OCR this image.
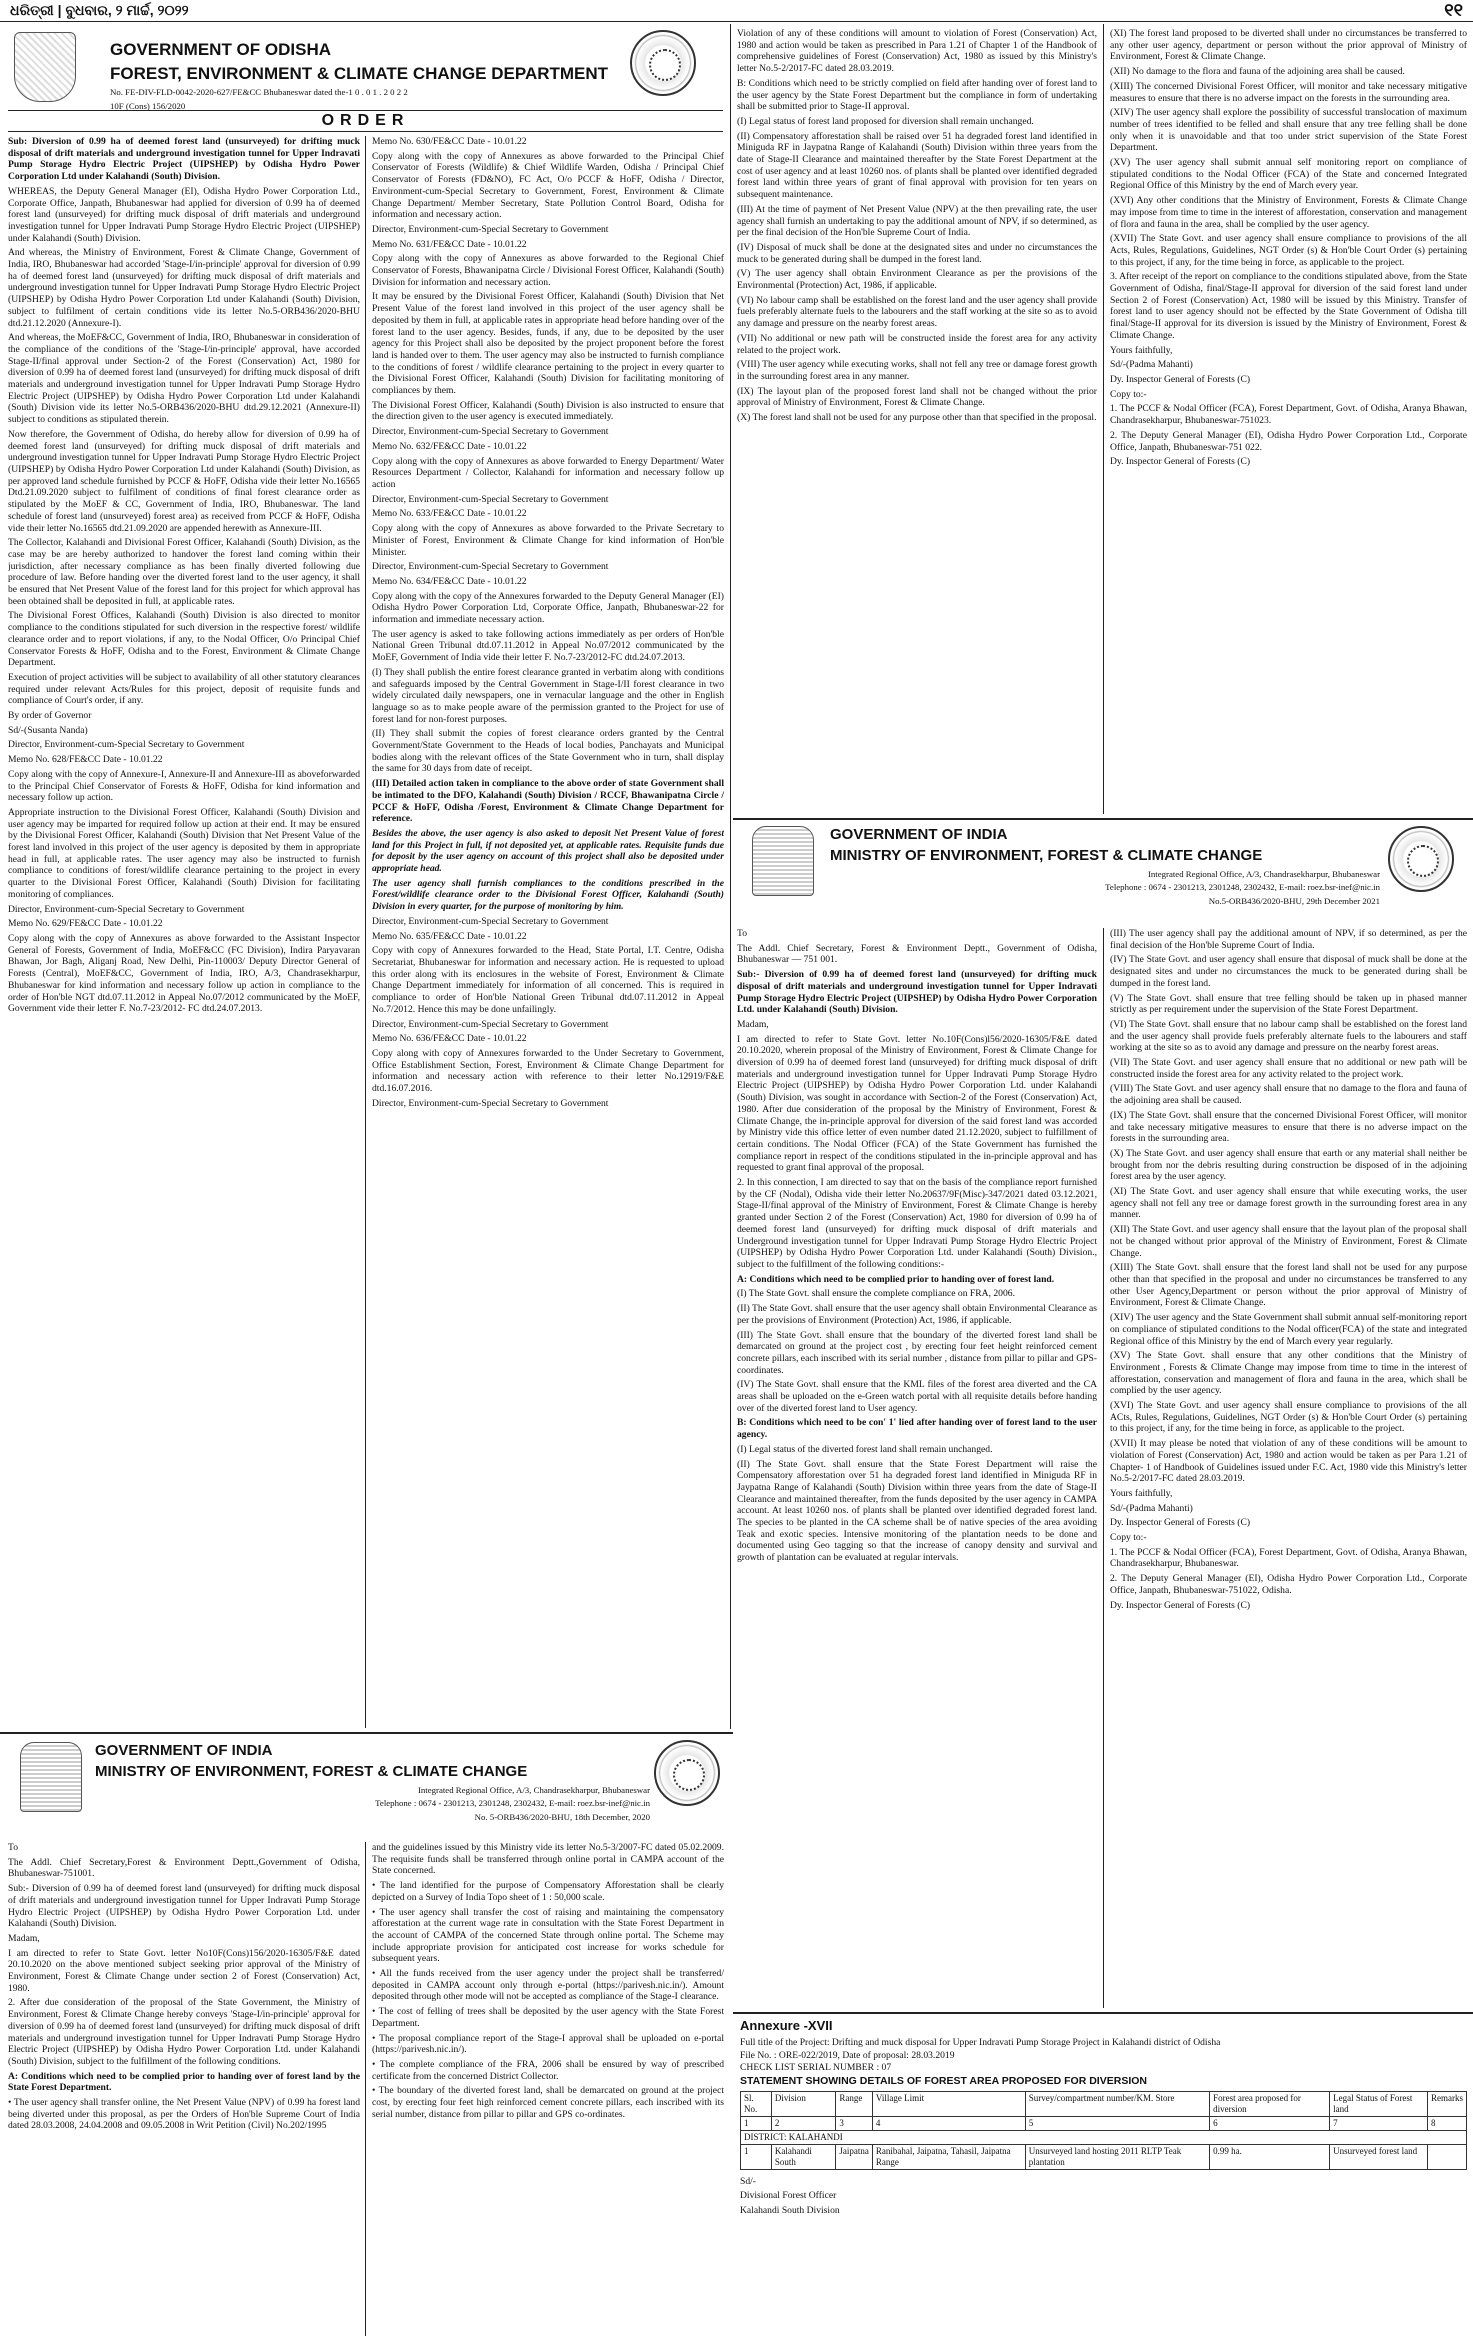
ଧରିତ୍ରୀ | ବୁଧବାର, ୨ ମାର୍ଚ୍ଚ, ୨୦୨୨	୧୧

GOVERNMENT OF ODISHA

FOREST, ENVIRONMENT & CLIMATE CHANGE DEPARTMENT

No. FE-DIV-FLD-0042-2020-627/FE&CC Bhubaneswar dated the-1 0 . 0 1 . 2 0 2 2

10F (Cons) 156/2020

ORDER

Sub: Diversion of 0.99 ha of deemed forest land (unsurveyed) for drifting muck disposal of drift materials and underground investigation tunnel for Upper Indravati Pump Storage Hydro Electric Project (UIPSHEP) by Odisha Hydro Power Corporation Ltd under Kalahandi (South) Division.

WHEREAS, the Deputy General Manager (EI), Odisha Hydro Power Corporation Ltd., Corporate Office, Janpath, Bhubaneswar had applied for diversion of 0.99 ha of deemed forest land (unsurveyed) for drifting muck disposal of drift materials and underground investigation tunnel for Upper Indravati Pump Storage Hydro Electric Project (UIPSHEP) under Kalahandi (South) Division.

And whereas, the Ministry of Environment, Forest & Climate Change, Government of India, IRO, Bhubaneswar had accorded 'Stage-I/in-principle' approval for diversion of 0.99 ha of deemed forest land (unsurveyed) for drifting muck disposal of drift materials and underground investigation tunnel for Upper Indravati Pump Storage Hydro Electric Project (UIPSHEP) by Odisha Hydro Power Corporation Ltd under Kalahandi (South) Division, subject to fulfilment of certain conditions vide its letter No.5-ORB436/2020-BHU dtd.21.12.2020 (Annexure-I).

And whereas, the MoEF&CC, Government of India, IRO, Bhubaneswar in consideration of the compliance of the conditions of the 'Stage-I/in-principle' approval, have accorded Stage-II/final approval under Section-2 of the Forest (Conservation) Act, 1980 for diversion of 0.99 ha of deemed forest land (unsurveyed) for drifting muck disposal of drift materials and underground investigation tunnel for Upper Indravati Pump Storage Hydro Electric Project (UIPSHEP) by Odisha Hydro Power Corporation Ltd under Kalahandi (South) Division vide its letter No.5-ORB436/2020-BHU dtd.29.12.2021 (Annexure-II) subject to conditions as stipulated therein.

Now therefore, the Government of Odisha, do hereby allow for diversion of 0.99 ha of deemed forest land (unsurveyed) for drifting muck disposal of drift materials and underground investigation tunnel for Upper Indravati Pump Storage Hydro Electric Project (UIPSHEP) by Odisha Hydro Power Corporation Ltd under Kalahandi (South) Division, as per approved land schedule furnished by PCCF & HoFF, Odisha vide their letter No.16565 Dtd.21.09.2020 subject to fulfilment of conditions of final forest clearance order as stipulated by the MoEF & CC, Government of India, IRO, Bhubaneswar. The land schedule of forest land (unsurveyed) forest area) as received from PCCF & HoFF, Odisha vide their letter No.16565 dtd.21.09.2020 are appended herewith as Annexure-III.

The Collector, Kalahandi and Divisional Forest Officer, Kalahandi (South) Division, as the case may be are hereby authorized to handover the forest land coming within their jurisdiction, after necessary compliance as has been finally diverted following due procedure of law. Before handing over the diverted forest land to the user agency, it shall be ensured that Net Present Value of the forest land for this project for which approval has been obtained shall be deposited in full, at applicable rates.

The Divisional Forest Offices, Kalahandi (South) Division is also directed to monitor compliance to the conditions stipulated for such diversion in the respective forest/ wildlife clearance order and to report violations, if any, to the Nodal Officer, O/o Principal Chief Conservator Forests & HoFF, Odisha and to the Forest, Environment & Climate Change Department.

Execution of project activities will be subject to availability of all other statutory clearances required under relevant Acts/Rules for this project, deposit of requisite funds and compliance of Court's order, if any.

By order of Governor

Sd/-(Susanta Nanda)

Director, Environment-cum-Special Secretary to Government

Memo No. 628/FE&CC Date - 10.01.22

Copy along with the copy of Annexure-I, Annexure-II and Annexure-III as aboveforwarded to the Principal Chief Conservator of Forests & HoFF, Odisha for kind information and necessary follow up action.

Appropriate instruction to the Divisional Forest Officer, Kalahandi (South) Division and user agency may be imparted for required follow up action at their end. It may be ensured by the Divisional Forest Officer, Kalahandi (South) Division that Net Present Value of the forest land involved in this project of the user agency is deposited by them in appropriate head in full, at applicable rates. The user agency may also be instructed to furnish compliance to conditions of forest/wildlife clearance pertaining to the project in every quarter to the Divisional Forest Officer, Kalahandi (South) Division for facilitating monitoring of compliances.

Director, Environment-cum-Special Secretary to Government

Memo No. 629/FE&CC Date - 10.01.22

Copy along with the copy of Annexures as above forwarded to the Assistant Inspector General of Forests, Government of India, MoEF&CC (FC Division), Indira Paryavaran Bhawan, Jor Bagh, Aliganj Road, New Delhi, Pin-110003/ Deputy Director General of Forests (Central), MoEF&CC, Government of India, IRO, A/3, Chandrasekharpur, Bhubaneswar for kind information and necessary follow up action in compliance to the order of Hon'ble NGT dtd.07.11.2012 in Appeal No.07/2012 communicated by the MoEF, Government vide their letter F. No.7-23/2012- FC dtd.24.07.2013.

Memo No. 630/FE&CC Date - 10.01.22

Copy along with the copy of Annexures as above forwarded to the Principal Chief Conservator of Forests (Wildlife) & Chief Wildlife Warden, Odisha / Principal Chief Conservator of Forests (FD&NO), FC Act, O/o PCCF & HoFF, Odisha / Director, Environment-cum-Special Secretary to Government, Forest, Environment & Climate Change Department/ Member Secretary, State Pollution Control Board, Odisha for information and necessary action.

Director, Environment-cum-Special Secretary to Government

Memo No. 631/FE&CC Date - 10.01.22

Copy along with the copy of Annexures as above forwarded to the Regional Chief Conservator of Forests, Bhawanipatna Circle / Divisional Forest Officer, Kalahandi (South) Division for information and necessary action.

It may be ensured by the Divisional Forest Officer, Kalahandi (South) Division that Net Present Value of the forest land involved in this project of the user agency shall be deposited by them in full, at applicable rates in appropriate head before handing over of the forest land to the user agency. Besides, funds, if any, due to be deposited by the user agency for this Project shall also be deposited by the project proponent before the forest land is handed over to them. The user agency may also be instructed to furnish compliance to the conditions of forest / wildlife clearance pertaining to the project in every quarter to the Divisional Forest Officer, Kalahandi (South) Division for facilitating monitoring of compliances by them.

The Divisional Forest Officer, Kalahandi (South) Division is also instructed to ensure that the direction given to the user agency is executed immediately.

Director, Environment-cum-Special Secretary to Government

Memo No. 632/FE&CC Date - 10.01.22

Copy along with the copy of Annexures as above forwarded to Energy Department/ Water Resources Department / Collector, Kalahandi for information and necessary follow up action

Director, Environment-cum-Special Secretary to Government

Memo No. 633/FE&CC Date - 10.01.22

Copy along with the copy of Annexures as above forwarded to the Private Secretary to Minister of Forest, Environment & Climate Change for kind information of Hon'ble Minister.

Director, Environment-cum-Special Secretary to Government

Memo No. 634/FE&CC Date - 10.01.22

Copy along with the copy of the Annexures forwarded to the Deputy General Manager (EI) Odisha Hydro Power Corporation Ltd, Corporate Office, Janpath, Bhubaneswar-22 for information and immediate necessary action.

The user agency is asked to take following actions immediately as per orders of Hon'ble National Green Tribunal dtd.07.11.2012 in Appeal No.07/2012 communicated by the MoEF, Government of India vide their letter F. No.7-23/2012-FC dtd.24.07.2013.

(I) They shall publish the entire forest clearance granted in verbatim along with conditions and safeguards imposed by the Central Government in Stage-I/II forest clearance in two widely circulated daily newspapers, one in vernacular language and the other in English language so as to make people aware of the permission granted to the Project for use of forest land for non-forest purposes.

(II) They shall submit the copies of forest clearance orders granted by the Central Government/State Government to the Heads of local bodies, Panchayats and Municipal bodies along with the relevant offices of the State Government who in turn, shall display the same for 30 days from date of receipt.

(III) Detailed action taken in compliance to the above order of state Government shall be intimated to the DFO, Kalahandi (South) Division / RCCF, Bhawanipatna Circle / PCCF & HoFF, Odisha /Forest, Environment & Climate Change Department for reference.

Besides the above, the user agency is also asked to deposit Net Present Value of forest land for this Project in full, if not deposited yet, at applicable rates. Requisite funds due for deposit by the user agency on account of this project shall also be deposited under appropriate head.

The user agency shall furnish compliances to the conditions prescribed in the Forest/wildlife clearance order to the Divisional Forest Officer, Kalahandi (South) Division in every quarter, for the purpose of monitoring by him.

Director, Environment-cum-Special Secretary to Government

Memo No. 635/FE&CC Date - 10.01.22

Copy with copy of Annexures forwarded to the Head, State Portal, I.T. Centre, Odisha Secretariat, Bhubaneswar for information and necessary action. He is requested to upload this order along with its enclosures in the website of Forest, Environment & Climate Change Department immediately for information of all concerned. This is required in compliance to order of Hon'ble National Green Tribunal dtd.07.11.2012 in Appeal No.7/2012. Hence this may be done unfailingly.

Director, Environment-cum-Special Secretary to Government

Memo No. 636/FE&CC Date - 10.01.22

Copy along with copy of Annexures forwarded to the Under Secretary to Government, Office Establishment Section, Forest, Environment & Climate Change Department for information and necessary action with reference to their letter No.12919/F&E dtd.16.07.2016.

Director, Environment-cum-Special Secretary to Government

Violation of any of these conditions will amount to violation of Forest (Conservation) Act, 1980 and action would be taken as prescribed in Para 1.21 of Chapter 1 of the Handbook of comprehensive guidelines of Forest (Conservation) Act, 1980 as issued by this Ministry's letter No.5-2/2017-FC dated 28.03.2019.

B: Conditions which need to be strictly complied on field after handing over of forest land to the user agency by the State Forest Department but the compliance in form of undertaking shall be submitted prior to Stage-II approval.

(I) Legal status of forest land proposed for diversion shall remain unchanged.

(II) Compensatory afforestation shall be raised over 51 ha degraded forest land identified in Miniguda RF in Jaypatna Range of Kalahandi (South) Division within three years from the date of Stage-II Clearance and maintained thereafter by the State Forest Department at the cost of user agency and at least 10260 nos. of plants shall be planted over identified degraded forest land within three years of grant of final approval with provision for ten years on subsequent maintenance.

(III) At the time of payment of Net Present Value (NPV) at the then prevailing rate, the user agency shall furnish an undertaking to pay the additional amount of NPV, if so determined, as per the final decision of the Hon'ble Supreme Court of India.

(IV) Disposal of muck shall be done at the designated sites and under no circumstances the muck to be generated during shall be dumped in the forest land.

(V) The user agency shall obtain Environment Clearance as per the provisions of the Environmental (Protection) Act, 1986, if applicable.

(VI) No labour camp shall be established on the forest land and the user agency shall provide fuels preferably alternate fuels to the labourers and the staff working at the site so as to avoid any damage and pressure on the nearby forest areas.

(VII) No additional or new path will be constructed inside the forest area for any activity related to the project work.

(VIII) The user agency while executing works, shall not fell any tree or damage forest growth in the surrounding forest area in any manner.

(IX) The layout plan of the proposed forest land shall not be changed without the prior approval of Ministry of Environment, Forest & Climate Change.

(X) The forest land shall not be used for any purpose other than that specified in the proposal.

(XI) The forest land proposed to be diverted shall under no circumstances be transferred to any other user agency, department or person without the prior approval of Ministry of Environment, Forest & Climate Change.

(XII) No damage to the flora and fauna of the adjoining area shall be caused.

(XIII) The concerned Divisional Forest Officer, will monitor and take necessary mitigative measures to ensure that there is no adverse impact on the forests in the surrounding area.

(XIV) The user agency shall explore the possibility of successful translocation of maximum number of trees identified to be felled and shall ensure that any tree felling shall be done only when it is unavoidable and that too under strict supervision of the State Forest Department.

(XV) The user agency shall submit annual self monitoring report on compliance of stipulated conditions to the Nodal Officer (FCA) of the State and concerned Integrated Regional Office of this Ministry by the end of March every year.

(XVI) Any other conditions that the Ministry of Environment, Forests & Climate Change may impose from time to time in the interest of afforestation, conservation and management of flora and fauna in the area, shall be complied by the user agency.

(XVII) The State Govt. and user agency shall ensure compliance to provisions of the all Acts, Rules, Regulations, Guidelines, NGT Order (s) & Hon'ble Court Order (s) pertaining to this project, if any, for the time being in force, as applicable to the project.

3. After receipt of the report on compliance to the conditions stipulated above, from the State Government of Odisha, final/Stage-II approval for diversion of the said forest land under Section 2 of Forest (Conservation) Act, 1980 will be issued by this Ministry. Transfer of forest land to user agency should not be effected by the State Government of Odisha till final/Stage-II approval for its diversion is issued by the Ministry of Environment, Forest & Climate Change.

Yours faithfully,

Sd/-(Padma Mahanti)

Dy. Inspector General of Forests (C)

Copy to:-

1. The PCCF & Nodal Officer (FCA), Forest Department, Govt. of Odisha, Aranya Bhawan, Chandrasekharpur, Bhubaneswar-751023.

2. The Deputy General Manager (EI), Odisha Hydro Power Corporation Ltd., Corporate Office, Janpath, Bhubaneswar-751 022.

Dy. Inspector General of Forests (C)

GOVERNMENT OF INDIA

MINISTRY OF ENVIRONMENT, FOREST & CLIMATE CHANGE

Integrated Regional Office, A/3, Chandrasekharpur, Bhubaneswar

Telephone : 0674 - 2301213, 2301248, 2302432, E-mail: roez.bsr-inef@nic.in

No.5-ORB436/2020-BHU, 29th December 2021

To

The Addl. Chief Secretary, Forest & Environment Deptt., Government of Odisha, Bhubaneswar — 751 001.

Sub:- Diversion of 0.99 ha of deemed forest land (unsurveyed) for drifting muck disposal of drift materials and underground investigation tunnel for Upper Indravati Pump Storage Hydro Electric Project (UIPSHEP) by Odisha Hydro Power Corporation Ltd. under Kalahandi (South) Division.

Madam,

I am directed to refer to State Govt. letter No.10F(Cons)l56/2020-16305/F&E dated 20.10.2020, wherein proposal of the Ministry of Environment, Forest & Climate Change for diversion of 0.99 ha of deemed forest land (unsurveyed) for drifting muck disposal of drift materials and underground investigation tunnel for Upper Indravati Pump Storage Hydro Electric Project (UIPSHEP) by Odisha Hydro Power Corporation Ltd. under Kalahandi (South) Division, was sought in accordance with Section-2 of the Forest (Conservation) Act, 1980. After due consideration of the proposal by the Ministry of Environment, Forest & Climate Change, the in-principle approval for diversion of the said forest land was accorded by Ministry vide this office letter of even number dated 21.12.2020, subject to fulfillment of certain conditions. The Nodal Officer (FCA) of the State Government has furnished the compliance report in respect of the conditions stipulated in the in-principle approval and has requested to grant final approval of the proposal.

2. In this connection, I am directed to say that on the basis of the compliance report furnished by the CF (Nodal), Odisha vide their letter No.20637/9F(Misc)-347/2021 dated 03.12.2021, Stage-II/final approval of the Ministry of Environment, Forest & Climate Change is hereby granted under Section 2 of the Forest (Conservation) Act, 1980 for diversion of 0.99 ha of deemed forest land (unsurveyed) for drifting muck disposal of drift materials and Underground investigation tunnel for Upper Indravati Pump Storage Hydro Electric Project (UIPSHEP) by Odisha Hydro Power Corporation Ltd. under Kalahandi (South) Division., subject to the fulfillment of the following conditions:-

A: Conditions which need to be complied prior to handing over of forest land.

(I) The State Govt. shall ensure the complete compliance on FRA, 2006.

(II) The State Govt. shall ensure that the user agency shall obtain Environmental Clearance as per the provisions of Environment (Protection) Act, 1986, if applicable.

(III) The State Govt. shall ensure that the boundary of the diverted forest land shall be demarcated on ground at the project cost , by erecting four feet height reinforced cement concrete pillars, each inscribed with its serial number , distance from pillar to pillar and GPS-coordinates.

(IV) The State Govt. shall ensure that the KML files of the forest area diverted and the CA areas shall be uploaded on the e-Green watch portal with all requisite details before handing over of the diverted forest land to User agency.

B: Conditions which need to be con' 1' lied after handing over of forest land to the user agency.

(I) Legal status of the diverted forest land shall remain unchanged.

(II) The State Govt. shall ensure that the State Forest Department will raise the Compensatory afforestation over 51 ha degraded forest land identified in Miniguda RF in Jaypatna Range of Kalahandi (South) Division within three years from the date of Stage-II Clearance and maintained thereafter, from the funds deposited by the user agency in CAMPA account. At least 10260 nos. of plants shall be planted over identified degraded forest land. The species to be planted in the CA scheme shall be of native species of the area avoiding Teak and exotic species. Intensive monitoring of the plantation needs to be done and documented using Geo tagging so that the increase of canopy density and survival and growth of plantation can be evaluated at regular intervals.

(III) The user agency shall pay the additional amount of NPV, if so determined, as per the final decision of the Hon'ble Supreme Court of India.

(IV) The State Govt. and user agency shall ensure that disposal of muck shall be done at the designated sites and under no circumstances the muck to be generated during shall be dumped in the forest land.

(V) The State Govt. shall ensure that tree felling should be taken up in phased manner strictly as per requirement under the supervision of the State Forest Department.

(VI) The State Govt. shall ensure that no labour camp shall be established on the forest land and the user agency shall provide fuels preferably alternate fuels to the labourers and staff working at the site so as to avoid any damage and pressure on the nearby forest areas.

(VII) The State Govt. and user agency shall ensure that no additional or new path will be constructed inside the forest area for any activity related to the project work.

(VIII) The State Govt. and user agency shall ensure that no damage to the flora and fauna of the adjoining area shall be caused.

(IX) The State Govt. shall ensure that the concerned Divisional Forest Officer, will monitor and take necessary mitigative measures to ensure that there is no adverse impact on the forests in the surrounding area.

(X) The State Govt. and user agency shall ensure that earth or any material shall neither be brought from nor the debris resulting during construction be disposed of in the adjoining forest area by the user agency.

(XI) The State Govt. and user agency shall ensure that while executing works, the user agency shall not fell any tree or damage forest growth in the surrounding forest area in any manner.

(XII) The State Govt. and user agency shall ensure that the layout plan of the proposal shall not be changed without prior approval of the Ministry of Environment, Forest & Climate Change.

(XIII) The State Govt. shall ensure that the forest land shall not be used for any purpose other than that specified in the proposal and under no circumstances be transferred to any other User Agency,Department or person without the prior approval of Ministry of Environment, Forest & Climate Change.

(XIV) The user agency and the State Government shall submit annual self-monitoring report on compliance of stipulated conditions to the Nodal officer(FCA) of the state and integrated Regional office of this Ministry by the end of March every year regularly.

(XV) The State Govt. shall ensure that any other conditions that the Ministry of Environment , Forests & Climate Change may impose from time to time in the interest of afforestation, conservation and management of flora and fauna in the area, which shall be complied by the user agency.

(XVI) The State Govt. and user agency shall ensure compliance to provisions of the all ACts, Rules, Regulations, Guidelines, NGT Order (s) & Hon'ble Court Order (s) pertaining to this project, if any, for the time being in force, as applicable to the project.

(XVII) It may please be noted that violation of any of these conditions will be amount to violation of Forest (Conservation) Act, 1980 and action would be taken as per Para 1.21 of Chapter- 1 of Handbook of Guidelines issued under F.C. Act, 1980 vide this Ministry's letter No.5-2/2017-FC dated 28.03.2019.

Yours faithfully,

Sd/-(Padma Mahanti)

Dy. Inspector General of Forests (C)

Copy to:-

1. The PCCF & Nodal Officer (FCA), Forest Department, Govt. of Odisha, Aranya Bhawan, Chandrasekharpur, Bhubaneswar.

2. The Deputy General Manager (EI), Odisha Hydro Power Corporation Ltd., Corporate Office, Janpath, Bhubaneswar-751022, Odisha.

Dy. Inspector General of Forests (C)

GOVERNMENT OF INDIA

MINISTRY OF ENVIRONMENT, FOREST & CLIMATE CHANGE

Integrated Regional Office, A/3, Chandrasekharpur, Bhubaneswar

Telephone : 0674 - 2301213, 2301248, 2302432, E-mail: roez.bsr-inef@nic.in

No. 5-ORB436/2020-BHU, 18th December, 2020

To

The Addl. Chief Secretary,Forest & Environment Deptt.,Government of Odisha, Bhubaneswar-751001.

Sub:- Diversion of 0.99 ha of deemed forest land (unsurveyed) for drifting muck disposal of drift materials and underground investigation tunnel for Upper Indravati Pump Storage Hydro Electric Project (UIPSHEP) by Odisha Hydro Power Corporation Ltd. under Kalahandi (South) Division.

Madam,

I am directed to refer to State Govt. letter No10F(Cons)156/2020-16305/F&E dated 20.10.2020 on the above mentioned subject seeking prior approval of the Ministry of Environment, Forest & Climate Change under section 2 of Forest (Conservation) Act, 1980.

2. After due consideration of the proposal of the State Government, the Ministry of Environment, Forest & Climate Change hereby conveys 'Stage-I/in-principle' approval for diversion of 0.99 ha of deemed forest land (unsurveyed) for drifting muck disposal of drift materials and underground investigation tunnel for Upper Indravati Pump Storage Hydro Electric Project (UIPSHEP) by Odisha Hydro Power Corporation Ltd. under Kalahandi (South) Division, subject to the fulfillment of the following conditions.

A: Conditions which need to be complied prior to handing over of forest land by the State Forest Department.

• The user agency shall transfer online, the Net Present Value (NPV) of 0.99 ha forest land being diverted under this proposal, as per the Orders of Hon'ble Supreme Court of India dated 28.03.2008, 24.04.2008 and 09.05.2008 in Writ Petition (Civil) No.202/1995

and the guidelines issued by this Ministry vide its letter No.5-3/2007-FC dated 05.02.2009. The requisite funds shall be transferred through online portal in CAMPA account of the State concerned.

• The land identified for the purpose of Compensatory Afforestation shall be clearly depicted on a Survey of India Topo sheet of 1 : 50,000 scale.

• The user agency shall transfer the cost of raising and maintaining the compensatory afforestation at the current wage rate in consultation with the State Forest Department in the account of CAMPA of the concerned State through online portal. The Scheme may include appropriate provision for anticipated cost increase for works schedule for subsequent years.

• All the funds received from the user agency under the project shall be transferred/ deposited in CAMPA account only through e-portal (https://parivesh.nic.in/). Amount deposited through other mode will not be accepted as compliance of the Stage-I clearance.

• The cost of felling of trees shall be deposited by the user agency with the State Forest Department.

• The proposal compliance report of the Stage-I approval shall be uploaded on e-portal (https://parivesh.nic.in/).

• The complete compliance of the FRA, 2006 shall be ensured by way of prescribed certificate from the concerned District Collector.

• The boundary of the diverted forest land, shall be demarcated on ground at the project cost, by erecting four feet high reinforced cement concrete pillars, each inscribed with its serial number, distance from pillar to pillar and GPS co-ordinates.

Annexure -XVII

Full title of the Project: Drifting and muck disposal for Upper Indravati Pump Storage Project in Kalahandi district of Odisha

File No. : ORE-022/2019, Date of proposal: 28.03.2019

CHECK LIST SERIAL NUMBER : 07

STATEMENT SHOWING DETAILS OF FOREST AREA PROPOSED FOR DIVERSION

Sl. No.	Division	Range	Village Limit	Survey/compartment number/KM. Store	Forest area proposed for diversion	Legal Status of Forest land	Remarks
1	2	3	4	5	6	7	8
DISTRICT: KALAHANDI							
1	Kalahandi South	Jaipatna	Ranibahal, Jaipatna, Tahasil, Jaipatna Range	Unsurveyed land hosting 2011 RLTP Teak plantation	0.99 ha.	Unsurveyed forest land	

Sd/-

Divisional Forest Officer

Kalahandi South Division
